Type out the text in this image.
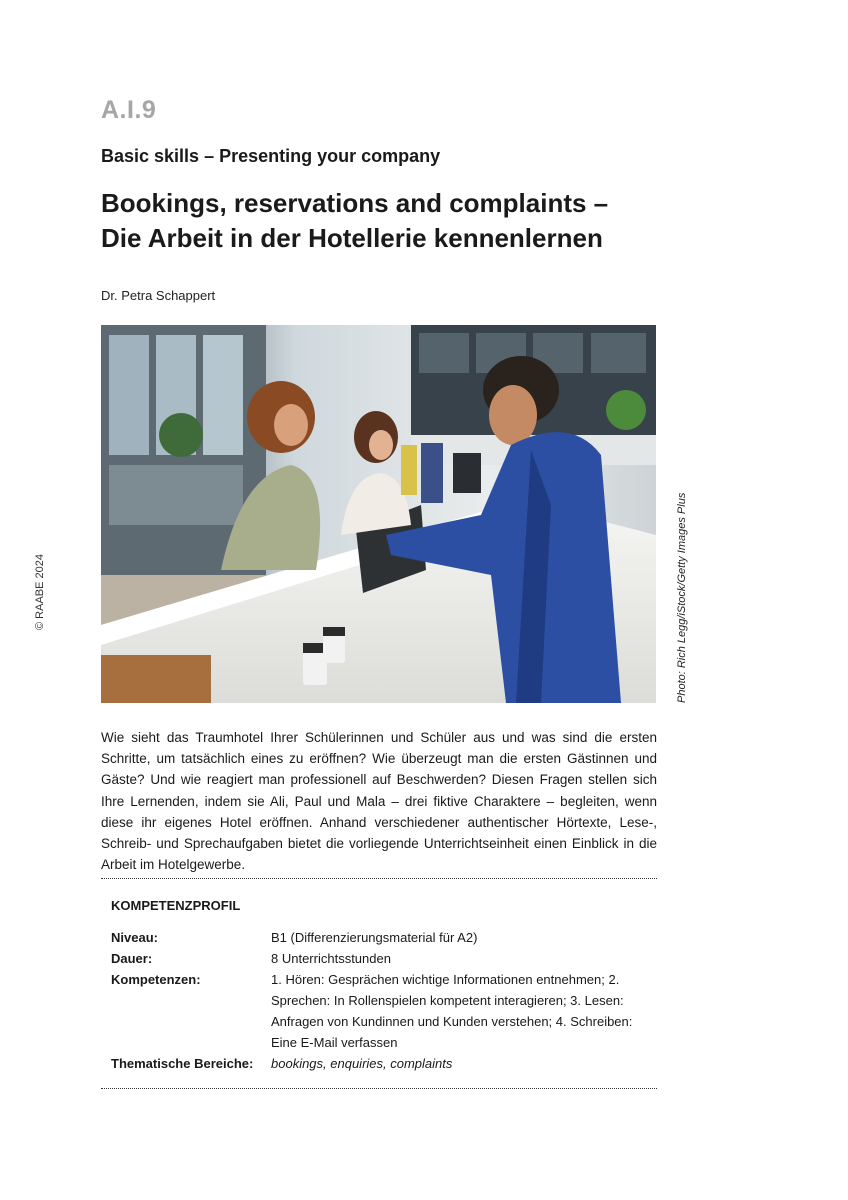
A.I.9
Basic skills – Presenting your company
Bookings, reservations and complaints –
Die Arbeit in der Hotellerie kennenlernen
Dr. Petra Schappert
© RAABE 2024	Photo: Rich Legg/iStock/Getty Images Plus
Wie sieht das Traumhotel Ihrer Schülerinnen und Schüler aus und was sind die ersten Schritte, um tatsächlich eines zu eröffnen? Wie überzeugt man die ersten Gästinnen und Gäste? Und wie reagiert man professionell auf Beschwerden? Diesen Fragen stellen sich Ihre Lernenden, indem sie Ali, Paul und Mala – drei fiktive Charaktere – begleiten, wenn diese ihr eigenes Hotel eröffnen. Anhand verschiedener authentischer Hörtexte, Lese-, Schreib- und Sprechaufgaben bietet die vorliegende Unterrichtseinheit einen Einblick in die Arbeit im Hotelgewerbe.
KOMPETENZPROFIL
Niveau:	B1 (Differenzierungsmaterial für A2)
Dauer:	8 Unterrichtsstunden
Kompetenzen:	1. Hören: Gesprächen wichtige Informationen entnehmen; 2. Sprechen: In Rollenspielen kompetent interagieren; 3. Lesen: Anfragen von Kundinnen und Kunden verstehen; 4. Schreiben: Eine E-Mail verfassen
Thematische Bereiche: bookings, enquiries, complaints
